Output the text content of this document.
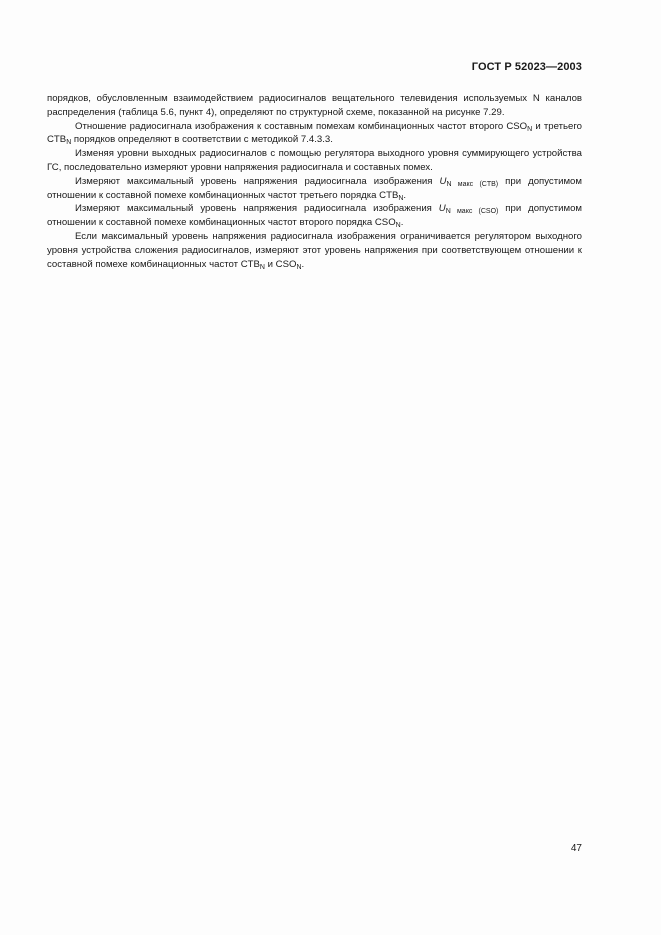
ГОСТ Р 52023—2003

порядков, обусловленным взаимодействием радиосигналов вещательного телевидения используемых N каналов распределения (таблица 5.6, пункт 4), определяют по структурной схеме, показанной на рисунке 7.29.

Отношение радиосигнала изображения к составным помехам комбинационных частот второго $CSO_N$ и третьего $CTB_N$ порядков определяют в соответствии с методикой 7.4.3.3.

Изменяя уровни выходных радиосигналов с помощью регулятора выходного уровня суммирующего устройства ГС, последовательно измеряют уровни напряжения радиосигнала и составных помех.

Измеряют максимальный уровень напряжения радиосигнала изображения $U_{N макс (CTB)}$ при допустимом отношении к составной помехе комбинационных частот третьего порядка $CTB_N$.

Измеряют максимальный уровень напряжения радиосигнала изображения $U_{N макс (CSO)}$ при допустимом отношении к составной помехе комбинационных частот второго порядка $CSO_N$.

Если максимальный уровень напряжения радиосигнала изображения ограничивается регулятором выходного уровня устройства сложения радиосигналов, измеряют этот уровень напряжения при соответствующем отношении к составной помехе комбинационных частот $CTB_N$ и $CSO_N$.

47
